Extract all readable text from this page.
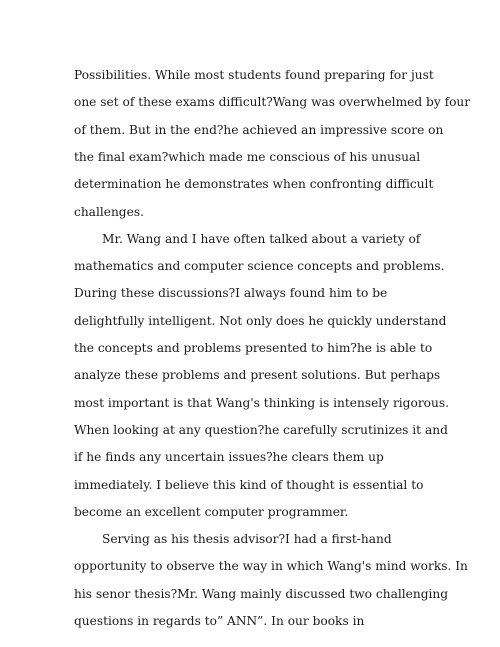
Possibilities. While most students found preparing for just

one set of these exams difficult?Wang was overwhelmed by four

of them. But in the end?he achieved an impressive score on

the final exam?which made me conscious of his unusual

determination he demonstrates when confronting difficult

challenges.

Mr. Wang and I have often talked about a variety of

mathematics and computer science concepts and problems.

During these discussions?I always found him to be

delightfully intelligent. Not only does he quickly understand

the concepts and problems presented to him?he is able to

analyze these problems and present solutions. But perhaps

most important is that Wang's thinking is intensely rigorous.

When looking at any question?he carefully scrutinizes it and

if he finds any uncertain issues?he clears them up

immediately. I believe this kind of thought is essential to

become an excellent computer programmer.

Serving as his thesis advisor?I had a first-hand

opportunity to observe the way in which Wang's mind works. In

his senor thesis?Mr. Wang mainly discussed two challenging

questions in regards to” ANN”. In our books in
